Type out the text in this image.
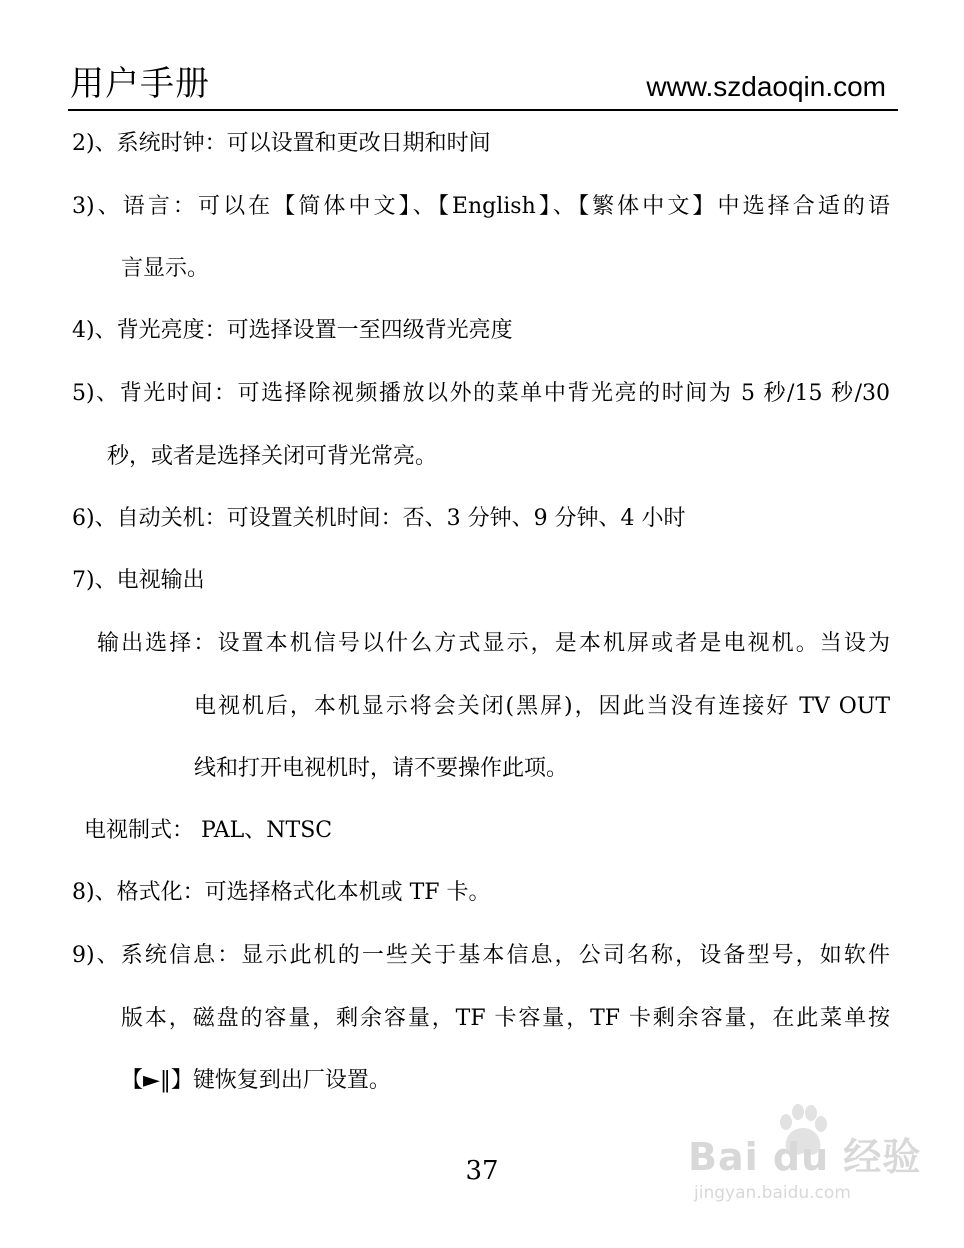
用户手册	www.szdaoqin.com
2)、系统时钟：可以设置和更改日期和时间
3)、语言：可以在【简体中文】、【English】、【繁体中文】中选择合适的语
言显示。
4)、背光亮度：可选择设置一至四级背光亮度
5)、背光时间：可选择除视频播放以外的菜单中背光亮的时间为 5 秒/15 秒/30
秒，或者是选择关闭可背光常亮。
6)、自动关机：可设置关机时间：否、3 分钟、9 分钟、4 小时
7)、电视输出
输出选择：设置本机信号以什么方式显示，是本机屏或者是电视机。当设为
电视机后，本机显示将会关闭(黑屏)，因此当没有连接好 TV OUT
线和打开电视机时，请不要操作此项。
电视制式： PAL、NTSC
8)、格式化：可选择格式化本机或 TF 卡。
9)、系统信息：显示此机的一些关于基本信息，公司名称，设备型号，如软件
版本，磁盘的容量，剩余容量，TF 卡容量，TF 卡剩余容量，在此菜单按
【►‖】键恢复到出厂设置。
37	Bai du 经验
jingyan.baidu.com
